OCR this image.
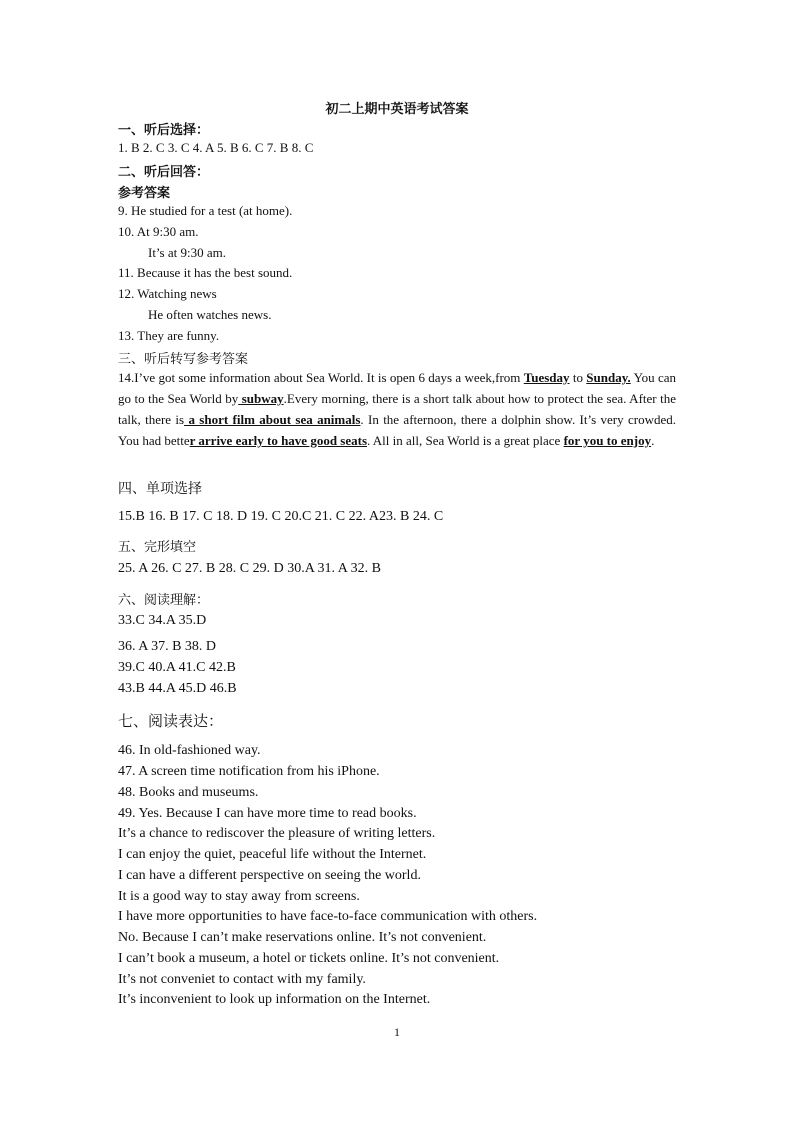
初二上期中英语考试答案
一、听后选择：
1. B 2. C 3. C 4. A 5. B 6. C 7. B 8. C
二、听后回答：
参考答案
9. He studied for a test (at home).
10. At 9:30 am.
It’s at 9:30 am.
11. Because it has the best sound.
12. Watching news
He often watches news.
13. They are funny.
三、听后转写参考答案
14.I’ve got some information about Sea World. It is open 6 days a week,from Tuesday to Sunday. You can go to the Sea World by subway.Every morning, there is a short talk about how to protect the sea. After the talk, there is a short film about sea animals. In the afternoon, there a dolphin show. It’s very crowded. You had better arrive early to have good seats. All in all, Sea World is a great place for you to enjoy.
四、单项选择
15.B 16. B 17. C 18. D 19. C 20.C 21. C 22. A23. B 24. C
五、完形填空
25. A 26. C 27. B 28. C 29. D 30.A 31. A 32. B
六、阅读理解：
33.C 34.A 35.D
36. A 37. B 38. D
39.C 40.A 41.C 42.B
43.B 44.A 45.D 46.B
七、阅读表达：
46. In old-fashioned way.
47. A screen time notification from his iPhone.
48. Books and museums.
49. Yes. Because I can have more time to read books.
It’s a chance to rediscover the pleasure of writing letters.
I can enjoy the quiet, peaceful life without the Internet.
I can have a different perspective on seeing the world.
It is a good way to stay away from screens.
I have more opportunities to have face-to-face communication with others.
No. Because I can’t make reservations online. It’s not convenient.
I can’t book a museum, a hotel or tickets online. It’s not convenient.
It’s not conveniet to contact with my family.
It’s inconvenient to look up information on the Internet.
1
